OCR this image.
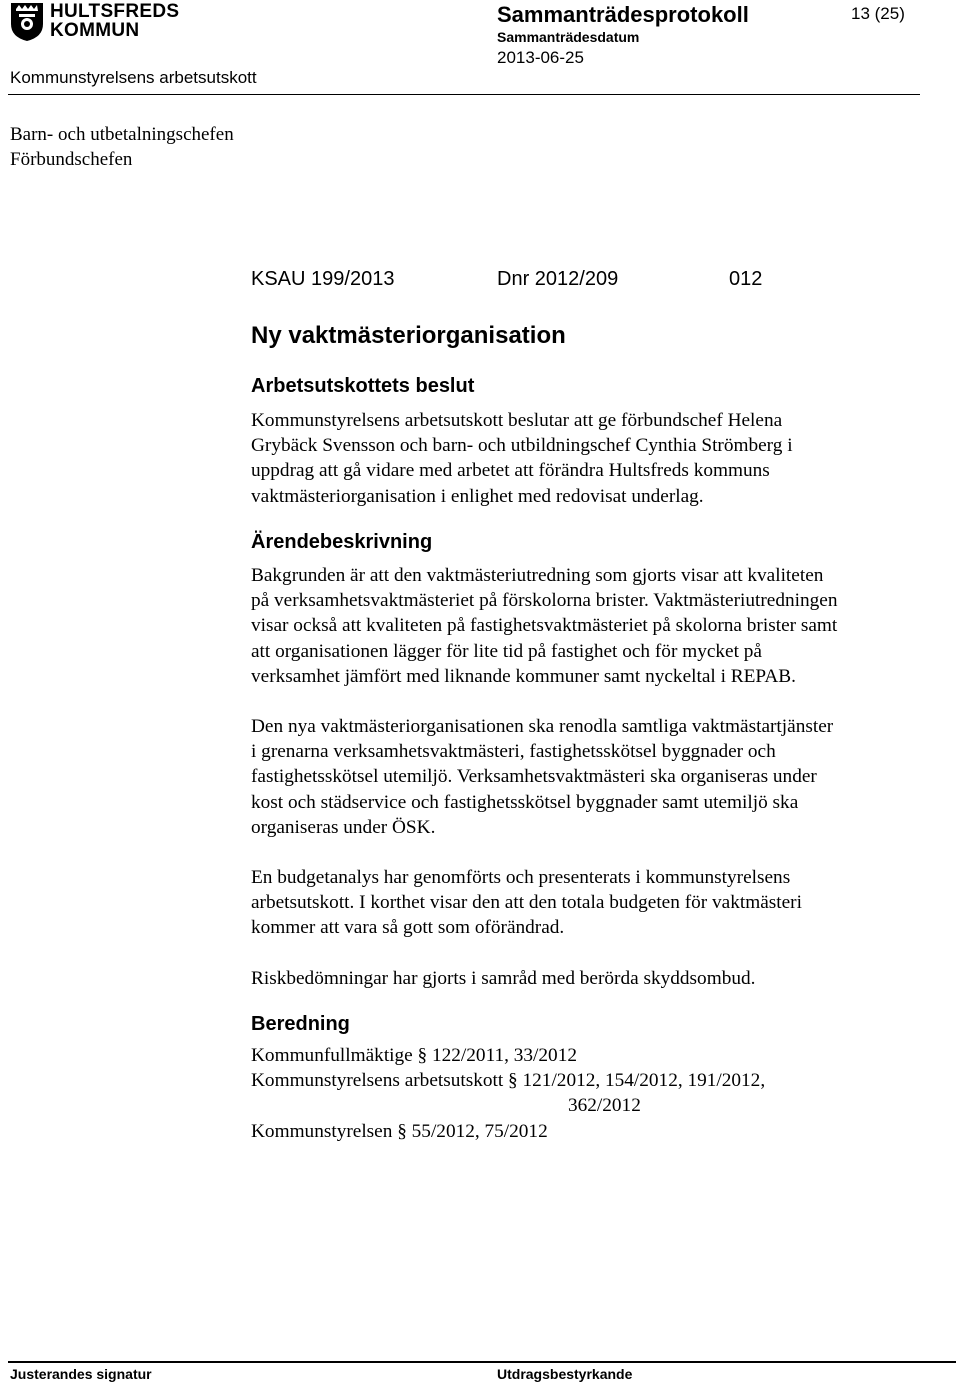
HULTSFREDS
KOMMUN
Sammanträdesprotokoll	13 (25)
Sammanträdesdatum
2013-06-25
Kommunstyrelsens arbetsutskott
Barn- och utbetalningschefen
Förbundschefen
KSAU 199/2013	Dnr 2012/209	012
Ny vaktmästeriorganisation
Arbetsutskottets beslut
Kommunstyrelsens arbetsutskott beslutar att ge förbundschef Helena
Grybäck Svensson och barn- och utbildningschef Cynthia Strömberg i
uppdrag att gå vidare med arbetet att förändra Hultsfreds kommuns
vaktmästeriorganisation i enlighet med redovisat underlag.
Ärendebeskrivning
Bakgrunden är att den vaktmästeriutredning som gjorts visar att kvaliteten
på verksamhetsvaktmästeriet på förskolorna brister. Vaktmästeriutredningen
visar också att kvaliteten på fastighetsvaktmästeriet på skolorna brister samt
att organisationen lägger för lite tid på fastighet och för mycket på
verksamhet jämfört med liknande kommuner samt nyckeltal i REPAB.
Den nya vaktmästeriorganisationen ska renodla samtliga vaktmästartjänster
i grenarna verksamhetsvaktmästeri, fastighetsskötsel byggnader och
fastighetsskötsel utemiljö. Verksamhetsvaktmästeri ska organiseras under
kost och städservice och fastighetsskötsel byggnader samt utemiljö ska
organiseras under ÖSK.
En budgetanalys har genomförts och presenterats i kommunstyrelsens
arbetsutskott. I korthet visar den att den totala budgeten för vaktmästeri
kommer att vara så gott som oförändrad.
Riskbedömningar har gjorts i samråd med berörda skyddsombud.
Beredning
Kommunfullmäktige § 122/2011, 33/2012
Kommunstyrelsens arbetsutskott § 121/2012, 154/2012, 191/2012,
362/2012
Kommunstyrelsen § 55/2012, 75/2012
Justerandes signatur	Utdragsbestyrkande
